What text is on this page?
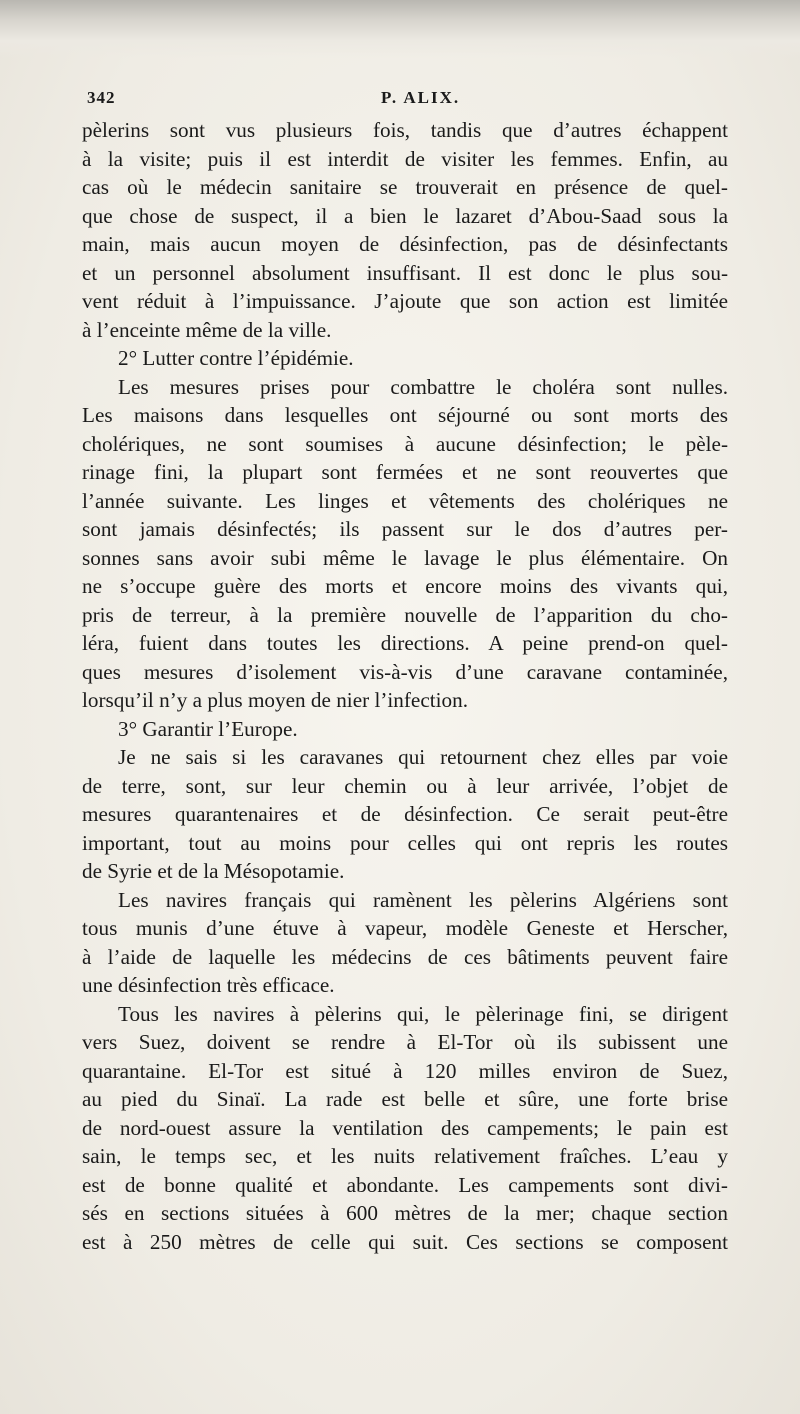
342	P. ALIX.
pèlerins sont vus plusieurs fois, tandis que d’autres échappent
à la visite; puis il est interdit de visiter les femmes. Enfin, au
cas où le médecin sanitaire se trouverait en présence de quel-
que chose de suspect, il a bien le lazaret d’Abou-Saad sous la
main, mais aucun moyen de désinfection, pas de désinfectants
et un personnel absolument insuffisant. Il est donc le plus sou-
vent réduit à l’impuissance. J’ajoute que son action est limitée
à l’enceinte même de la ville.
2° Lutter contre l’épidémie.
Les mesures prises pour combattre le choléra sont nulles.
Les maisons dans lesquelles ont séjourné ou sont morts des
cholériques, ne sont soumises à aucune désinfection; le pèle-
rinage fini, la plupart sont fermées et ne sont reouvertes que
l’année suivante. Les linges et vêtements des cholériques ne
sont jamais désinfectés; ils passent sur le dos d’autres per-
sonnes sans avoir subi même le lavage le plus élémentaire. On
ne s’occupe guère des morts et encore moins des vivants qui,
pris de terreur, à la première nouvelle de l’apparition du cho-
léra, fuient dans toutes les directions. A peine prend-on quel-
ques mesures d’isolement vis-à-vis d’une caravane contaminée,
lorsqu’il n’y a plus moyen de nier l’infection.
3° Garantir l’Europe.
Je ne sais si les caravanes qui retournent chez elles par voie
de terre, sont, sur leur chemin ou à leur arrivée, l’objet de
mesures quarantenaires et de désinfection. Ce serait peut-être
important, tout au moins pour celles qui ont repris les routes
de Syrie et de la Mésopotamie.
Les navires français qui ramènent les pèlerins Algériens sont
tous munis d’une étuve à vapeur, modèle Geneste et Herscher,
à l’aide de laquelle les médecins de ces bâtiments peuvent faire
une désinfection très efficace.
Tous les navires à pèlerins qui, le pèlerinage fini, se dirigent
vers Suez, doivent se rendre à El-Tor où ils subissent une
quarantaine. El-Tor est situé à 120 milles environ de Suez,
au pied du Sinaï. La rade est belle et sûre, une forte brise
de nord-ouest assure la ventilation des campements; le pain est
sain, le temps sec, et les nuits relativement fraîches. L’eau y
est de bonne qualité et abondante. Les campements sont divi-
sés en sections situées à 600 mètres de la mer; chaque section
est à 250 mètres de celle qui suit. Ces sections se composent
